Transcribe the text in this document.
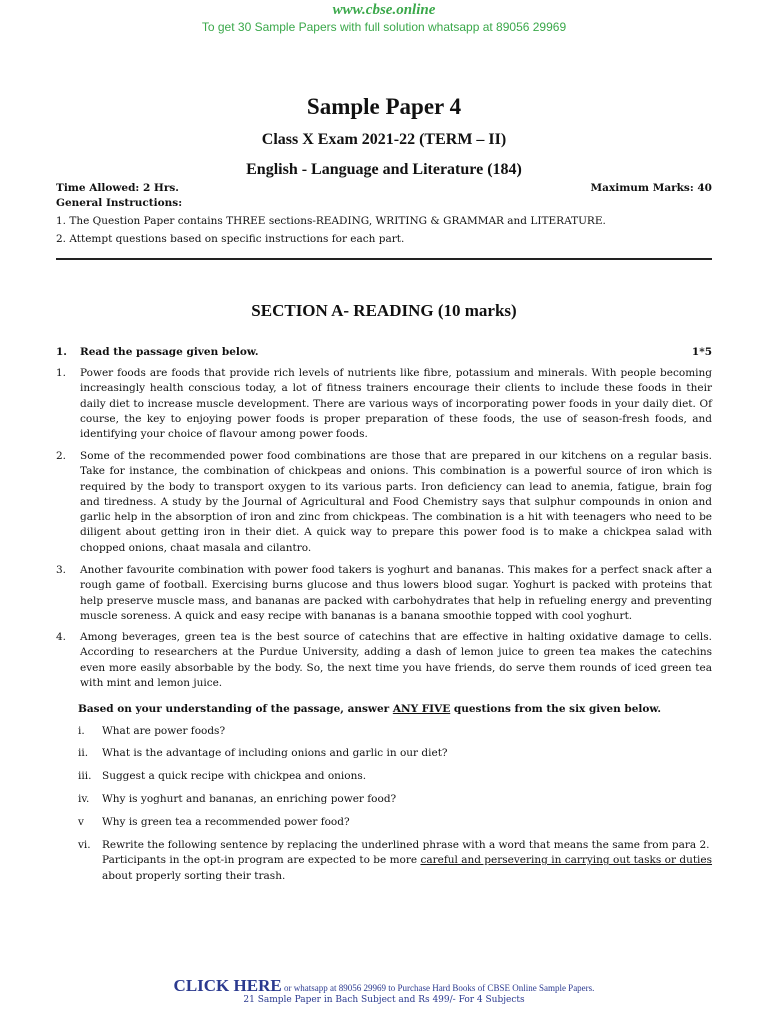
www.cbse.online
To get 30 Sample Papers with full solution whatsapp at 89056 29969
Sample Paper 4
Class X Exam 2021-22 (TERM – II)
English - Language and Literature (184)
Time Allowed: 2 Hrs.	Maximum Marks: 40
General Instructions:
1. The Question Paper contains THREE sections-READING, WRITING & GRAMMAR and LITERATURE.
2. Attempt questions based on specific instructions for each part.
SECTION A- READING (10 marks)
1.	Read the passage given below.	1*5
1.	Power foods are foods that provide rich levels of nutrients like fibre, potassium and minerals. With people becoming increasingly health conscious today, a lot of fitness trainers encourage their clients to include these foods in their daily diet to increase muscle development. There are various ways of incorporating power foods in your daily diet. Of course, the key to enjoying power foods is proper preparation of these foods, the use of season-fresh foods, and identifying your choice of flavour among power foods.
2.	Some of the recommended power food combinations are those that are prepared in our kitchens on a regular basis. Take for instance, the combination of chickpeas and onions. This combination is a powerful source of iron which is required by the body to transport oxygen to its various parts. Iron deficiency can lead to anemia, fatigue, brain fog and tiredness. A study by the Journal of Agricultural and Food Chemistry says that sulphur compounds in onion and garlic help in the absorption of iron and zinc from chickpeas. The combination is a hit with teenagers who need to be diligent about getting iron in their diet. A quick way to prepare this power food is to make a chickpea salad with chopped onions, chaat masala and cilantro.
3.	Another favourite combination with power food takers is yoghurt and bananas. This makes for a perfect snack after a rough game of football. Exercising burns glucose and thus lowers blood sugar. Yoghurt is packed with proteins that help preserve muscle mass, and bananas are packed with carbohydrates that help in refueling energy and preventing muscle soreness. A quick and easy recipe with bananas is a banana smoothie topped with cool yoghurt.
4.	Among beverages, green tea is the best source of catechins that are effective in halting oxidative damage to cells. According to researchers at the Purdue University, adding a dash of lemon juice to green tea makes the catechins even more easily absorbable by the body. So, the next time you have friends, do serve them rounds of iced green tea with mint and lemon juice.
Based on your understanding of the passage, answer ANY FIVE questions from the six given below.
i.	What are power foods?
ii.	What is the advantage of including onions and garlic in our diet?
iii.	Suggest a quick recipe with chickpea and onions.
iv.	Why is yoghurt and bananas, an enriching power food?
v	Why is green tea a recommended power food?
vi.	Rewrite the following sentence by replacing the underlined phrase with a word that means the same from para 2.
Participants in the opt-in program are expected to be more careful and persevering in carrying out tasks or duties about properly sorting their trash.
CLICK HERE or whatsapp at 89056 29969 to Purchase Hard Books of CBSE Online Sample Papers.
21 Sample Paper in Bach Subject and Rs 499/- For 4 Subjects
